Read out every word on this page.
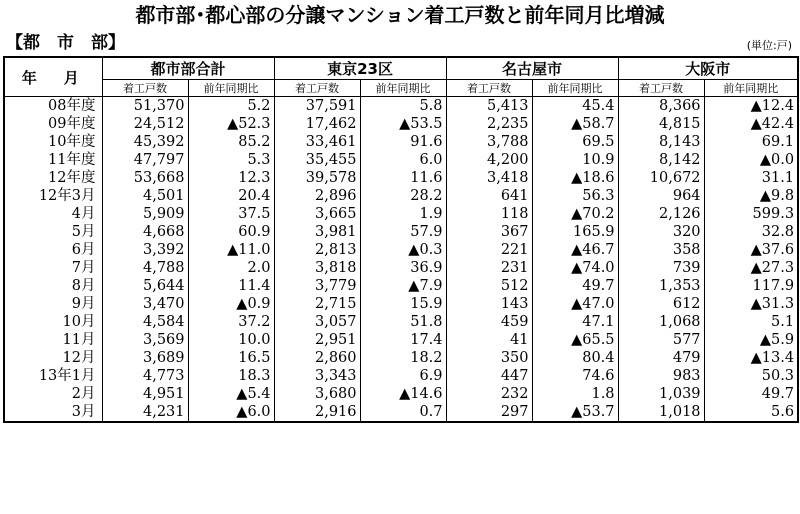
都市部･都心部の分譲マンション着工戸数と前年同月比増減
【都　市　部】	(単位:戸)
年　月	都市部合計		東京23区		名古屋市		大阪市	
	着工戸数	前年同期比	着工戸数	前年同期比	着工戸数	前年同期比	着工戸数	前年同期比
08年度	51,370	5.2	37,591	5.8	5,413	45.4	8,366	▲12.4
09年度	24,512	▲52.3	17,462	▲53.5	2,235	▲58.7	4,815	▲42.4
10年度	45,392	85.2	33,461	91.6	3,788	69.5	8,143	69.1
11年度	47,797	5.3	35,455	6.0	4,200	10.9	8,142	▲0.0
12年度	53,668	12.3	39,578	11.6	3,418	▲18.6	10,672	31.1
12年3月	4,501	20.4	2,896	28.2	641	56.3	964	▲9.8
4月	5,909	37.5	3,665	1.9	118	▲70.2	2,126	599.3
5月	4,668	60.9	3,981	57.9	367	165.9	320	32.8
6月	3,392	▲11.0	2,813	▲0.3	221	▲46.7	358	▲37.6
7月	4,788	2.0	3,818	36.9	231	▲74.0	739	▲27.3
8月	5,644	11.4	3,779	▲7.9	512	49.7	1,353	117.9
9月	3,470	▲0.9	2,715	15.9	143	▲47.0	612	▲31.3
10月	4,584	37.2	3,057	51.8	459	47.1	1,068	5.1
11月	3,569	10.0	2,951	17.4	41	▲65.5	577	▲5.9
12月	3,689	16.5	2,860	18.2	350	80.4	479	▲13.4
13年1月	4,773	18.3	3,343	6.9	447	74.6	983	50.3
2月	4,951	▲5.4	3,680	▲14.6	232	1.8	1,039	49.7
3月	4,231	▲6.0	2,916	0.7	297	▲53.7	1,018	5.6
